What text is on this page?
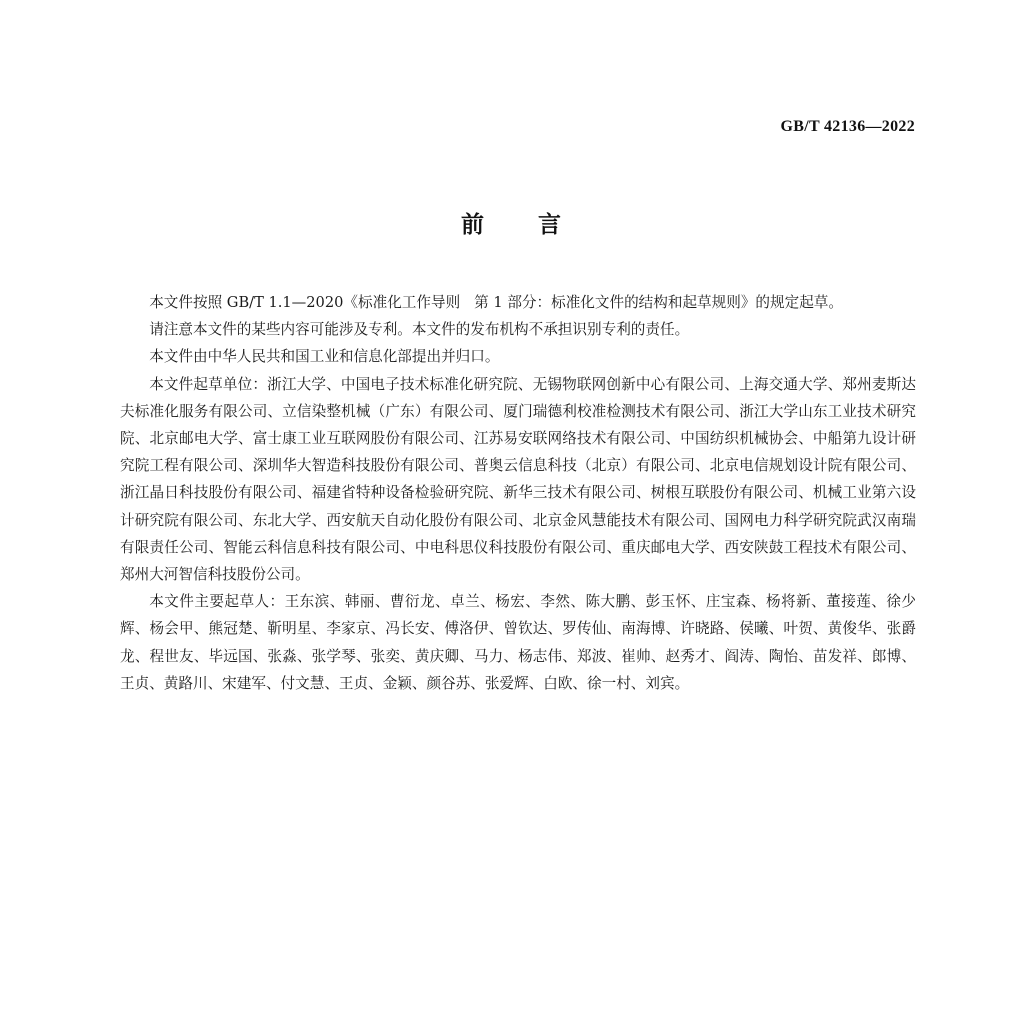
GB/T 42136—2022
前 言

本文件按照 GB/T 1.1—2020《标准化工作导则 第 1 部分：标准化文件的结构和起草规则》的规定起草。

请注意本文件的某些内容可能涉及专利。本文件的发布机构不承担识别专利的责任。

本文件由中华人民共和国工业和信息化部提出并归口。

本文件起草单位：浙江大学、中国电子技术标准化研究院、无锡物联网创新中心有限公司、上海交通大学、郑州麦斯达夫标准化服务有限公司、立信染整机械（广东）有限公司、厦门瑞德利校准检测技术有限公司、浙江大学山东工业技术研究院、北京邮电大学、富士康工业互联网股份有限公司、江苏易安联网络技术有限公司、中国纺织机械协会、中船第九设计研究院工程有限公司、深圳华大智造科技股份有限公司、普奥云信息科技（北京）有限公司、北京电信规划设计院有限公司、浙江晶日科技股份有限公司、福建省特种设备检验研究院、新华三技术有限公司、树根互联股份有限公司、机械工业第六设计研究院有限公司、东北大学、西安航天自动化股份有限公司、北京金风慧能技术有限公司、国网电力科学研究院武汉南瑞有限责任公司、智能云科信息科技有限公司、中电科思仪科技股份有限公司、重庆邮电大学、西安陕鼓工程技术有限公司、郑州大河智信科技股份公司。

本文件主要起草人：王东滨、韩丽、曹衍龙、卓兰、杨宏、李然、陈大鹏、彭玉怀、庄宝森、杨将新、董接莲、徐少辉、杨会甲、熊冠楚、靳明星、李家京、冯长安、傅洛伊、曾钦达、罗传仙、南海博、许晓路、侯曦、叶贺、黄俊华、张爵龙、程世友、毕远国、张淼、张学琴、张奕、黄庆卿、马力、杨志伟、郑波、崔帅、赵秀才、阎涛、陶怡、苗发祥、郎博、王贞、黄路川、宋建军、付文慧、王贞、金颖、颜谷苏、张爱辉、白欧、徐一村、刘宾。
